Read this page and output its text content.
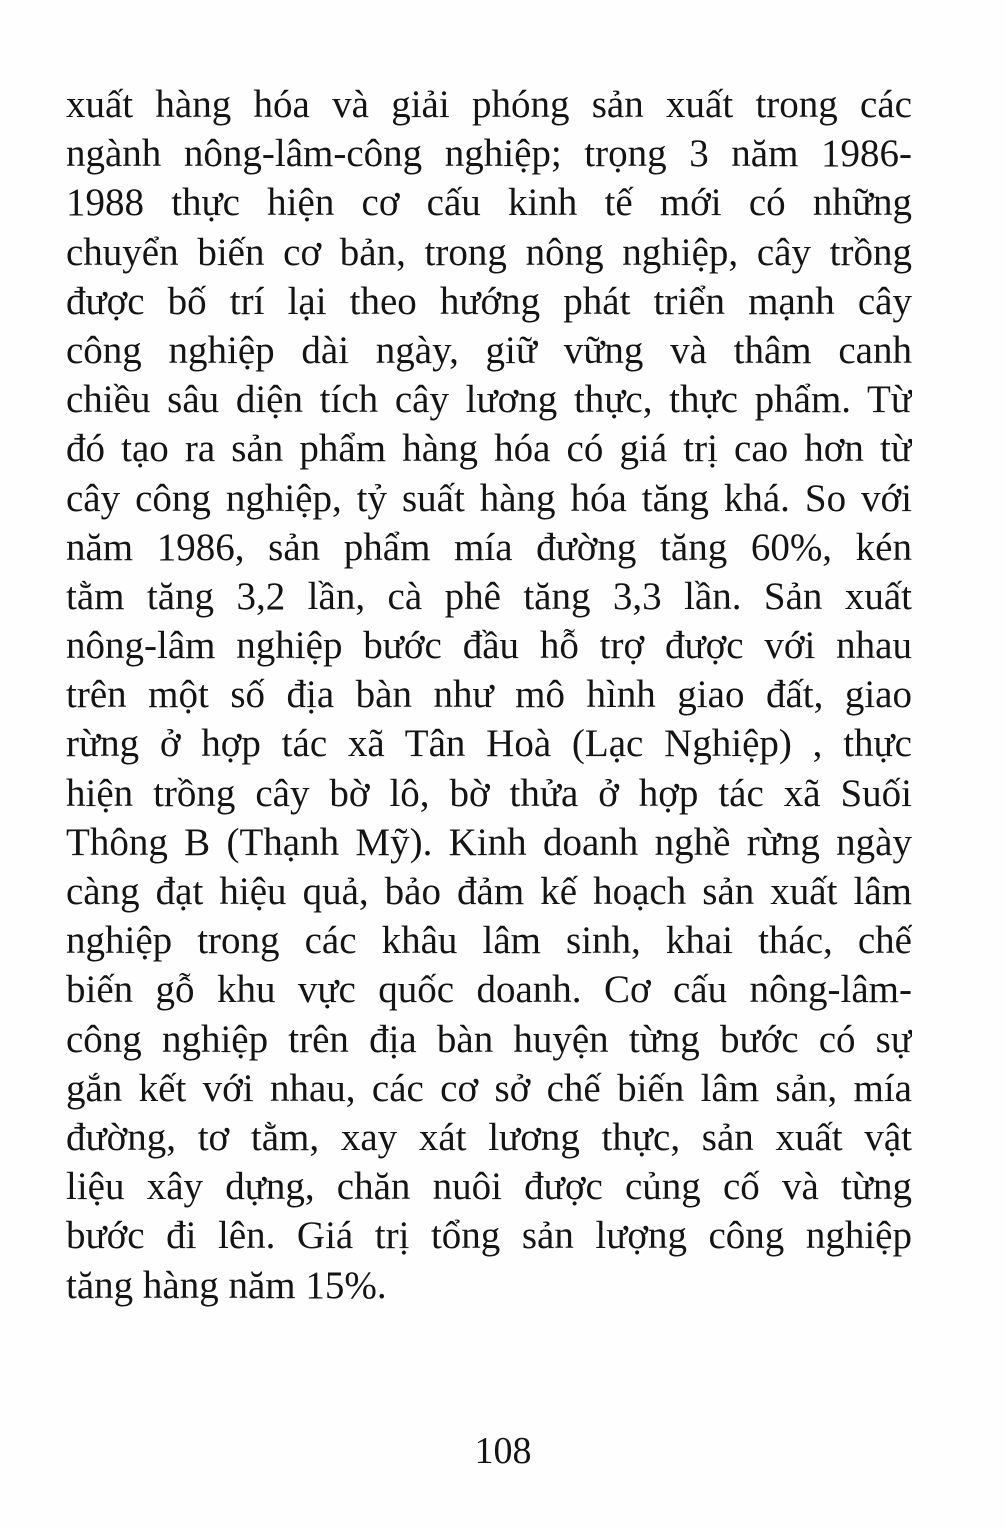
xuất hàng hóa và giải phóng sản xuất trong các
ngành nông-lâm-công nghiệp; trọng 3 năm 1986-
1988 thực hiện cơ cấu kinh tế mới có những
chuyển biến cơ bản, trong nông nghiệp, cây trồng
được bố trí lại theo hướng phát triển mạnh cây
công nghiệp dài ngày, giữ vững và thâm canh
chiều sâu diện tích cây lương thực, thực phẩm. Từ
đó tạo ra sản phẩm hàng hóa có giá trị cao hơn từ
cây công nghiệp, tỷ suất hàng hóa tăng khá. So với
năm 1986, sản phẩm mía đường tăng 60%, kén
tằm tăng 3,2 lần, cà phê tăng 3,3 lần. Sản xuất
nông-lâm nghiệp bước đầu hỗ trợ được với nhau
trên một số địa bàn như mô hình giao đất, giao
rừng ở hợp tác xã Tân Hoà (Lạc Nghiệp) , thực
hiện trồng cây bờ lô, bờ thửa ở hợp tác xã Suối
Thông B (Thạnh Mỹ). Kinh doanh nghề rừng ngày
càng đạt hiệu quả, bảo đảm kế hoạch sản xuất lâm
nghiệp trong các khâu lâm sinh, khai thác, chế
biến gỗ khu vực quốc doanh. Cơ cấu nông-lâm-
công nghiệp trên địa bàn huyện từng bước có sự
gắn kết với nhau, các cơ sở chế biến lâm sản, mía
đường, tơ tằm, xay xát lương thực, sản xuất vật
liệu xây dựng, chăn nuôi được củng cố và từng
bước đi lên. Giá trị tổng sản lượng công nghiệp
tăng hàng năm 15%.
108
